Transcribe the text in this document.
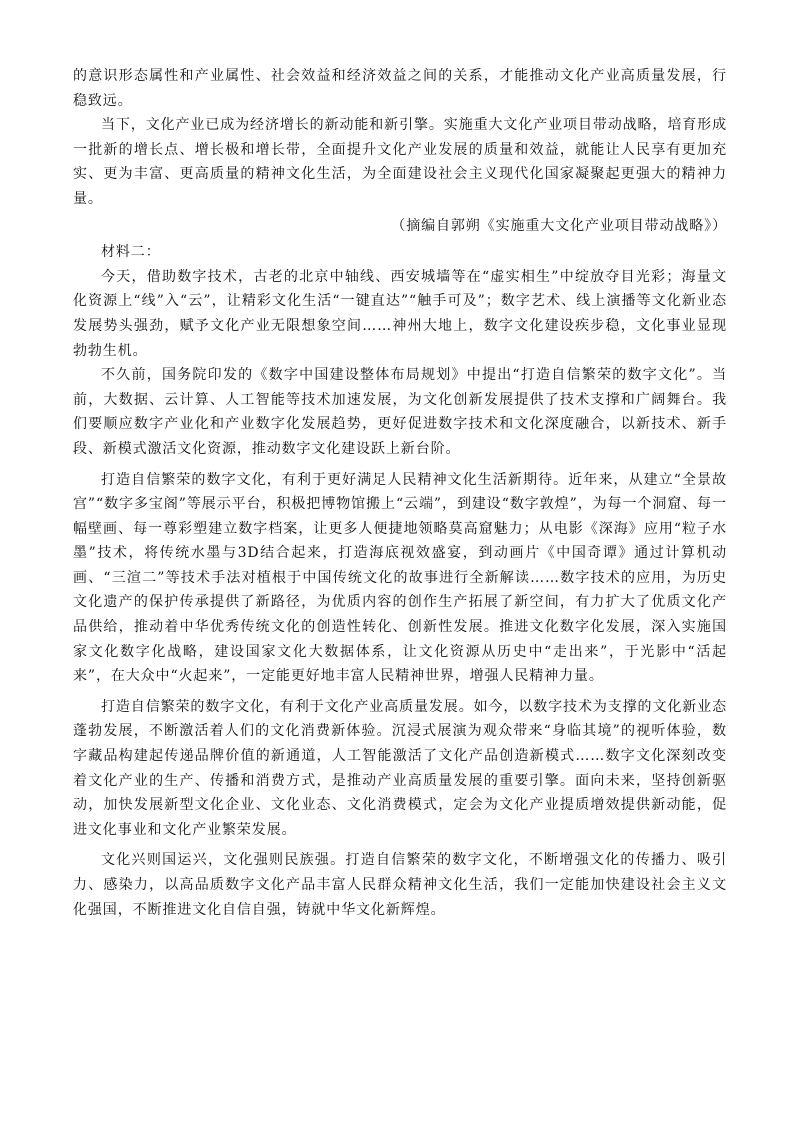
的意识形态属性和产业属性、社会效益和经济效益之间的关系，才能推动文化产业高质量发展，行稳致远。

当下，文化产业已成为经济增长的新动能和新引擎。实施重大文化产业项目带动战略，培育形成一批新的增长点、增长极和增长带，全面提升文化产业发展的质量和效益，就能让人民享有更加充实、更为丰富、更高质量的精神文化生活，为全面建设社会主义现代化国家凝聚起更强大的精神力量。

（摘编自郭朔《实施重大文化产业项目带动战略》）

材料二：

今天，借助数字技术，古老的北京中轴线、西安城墙等在“虚实相生”中绽放夺目光彩；海量文化资源上“线”入“云”，让精彩文化生活“一键直达”“触手可及”；数字艺术、线上演播等文化新业态发展势头强劲，赋予文化产业无限想象空间……神州大地上，数字文化建设疾步稳，文化事业显现勃勃生机。

不久前，国务院印发的《数字中国建设整体布局规划》中提出“打造自信繁荣的数字文化”。当前，大数据、云计算、人工智能等技术加速发展，为文化创新发展提供了技术支撑和广阔舞台。我们要顺应数字产业化和产业数字化发展趋势，更好促进数字技术和文化深度融合，以新技术、新手段、新模式激活文化资源，推动数字文化建设跃上新台阶。

打造自信繁荣的数字文化，有利于更好满足人民精神文化生活新期待。近年来，从建立“全景故宫”“数字多宝阁”等展示平台，积极把博物馆搬上“云端”，到建设“数字敦煌”，为每一个洞窟、每一幅壁画、每一尊彩塑建立数字档案，让更多人便捷地领略莫高窟魅力；从电影《深海》应用“粒子水墨”技术，将传统水墨与3D结合起来，打造海底视效盛宴，到动画片《中国奇谭》通过计算机动画、“三渲二”等技术手法对植根于中国传统文化的故事进行全新解读……数字技术的应用，为历史文化遗产的保护传承提供了新路径，为优质内容的创作生产拓展了新空间，有力扩大了优质文化产品供给，推动着中华优秀传统文化的创造性转化、创新性发展。推进文化数字化发展，深入实施国家文化数字化战略，建设国家文化大数据体系，让文化资源从历史中“走出来”，于光影中“活起来”，在大众中“火起来”，一定能更好地丰富人民精神世界，增强人民精神力量。

打造自信繁荣的数字文化，有利于文化产业高质量发展。如今，以数字技术为支撑的文化新业态蓬勃发展，不断激活着人们的文化消费新体验。沉浸式展演为观众带来“身临其境”的视听体验，数字藏品构建起传递品牌价值的新通道，人工智能激活了文化产品创造新模式……数字文化深刻改变着文化产业的生产、传播和消费方式，是推动产业高质量发展的重要引擎。面向未来，坚持创新驱动，加快发展新型文化企业、文化业态、文化消费模式，定会为文化产业提质增效提供新动能，促进文化事业和文化产业繁荣发展。

文化兴则国运兴，文化强则民族强。打造自信繁荣的数字文化，不断增强文化的传播力、吸引力、感染力，以高品质数字文化产品丰富人民群众精神文化生活，我们一定能加快建设社会主义文化强国，不断推进文化自信自强，铸就中华文化新辉煌。
